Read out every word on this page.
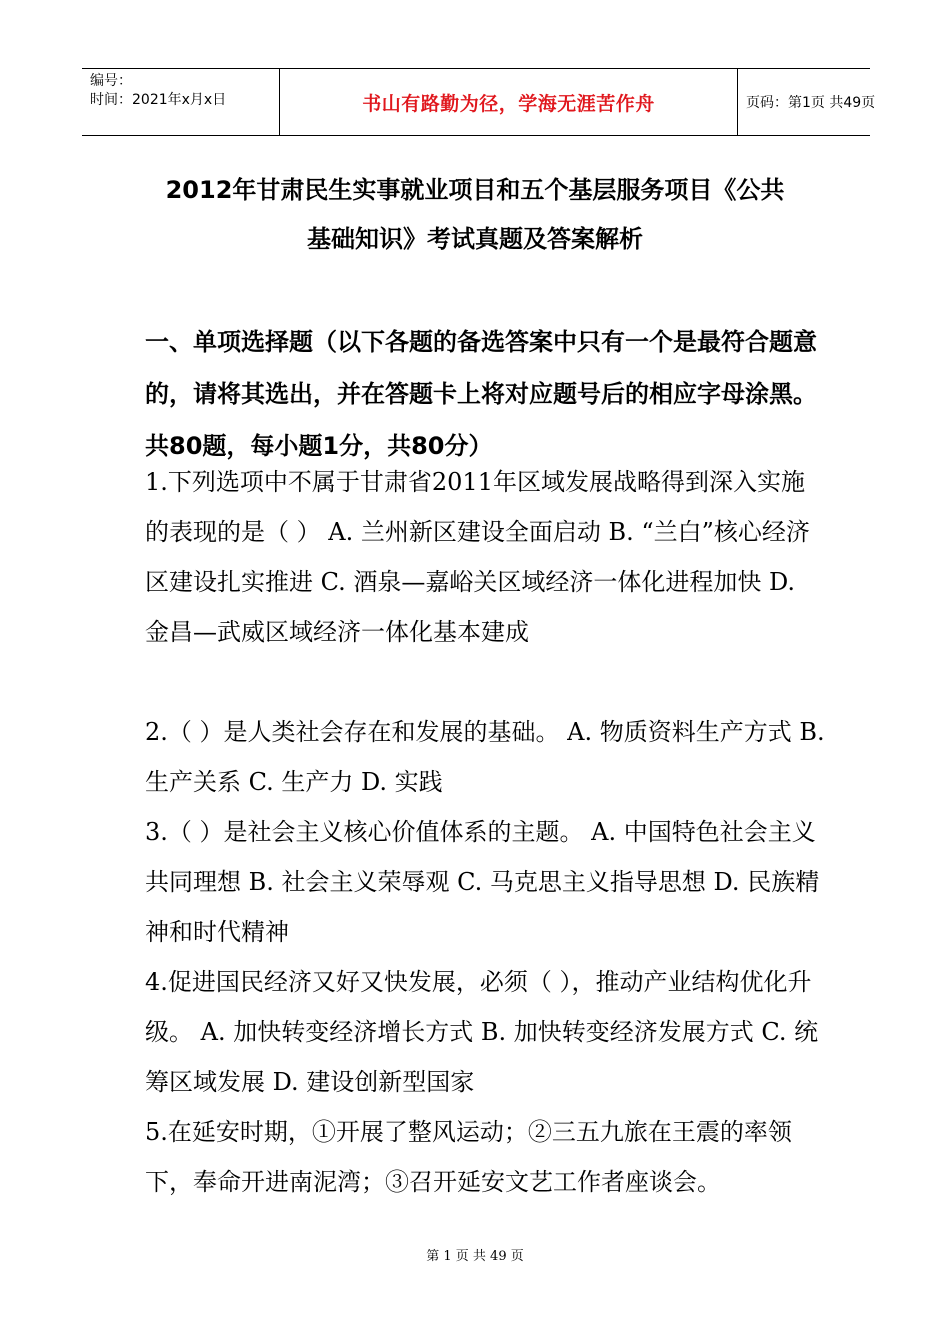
编号：
时间：2021年x月x日	书山有路勤为径，学海无涯苦作舟	页码：第1页 共49页
2012年甘肃民生实事就业项目和五个基层服务项目《公共
基础知识》考试真题及答案解析
一、单项选择题（以下各题的备选答案中只有一个是最符合题意的，请将其选出，并在答题卡上将对应题号后的相应字母涂黑。共80题，每小题1分，共80分）
1.下列选项中不属于甘肃省2011年区域发展战略得到深入实施的表现的是（ ） A. 兰州新区建设全面启动 B. “兰白”核心经济区建设扎实推进 C. 酒泉—嘉峪关区域经济一体化进程加快 D. 金昌—武威区域经济一体化基本建成
2.（ ）是人类社会存在和发展的基础。 A. 物质资料生产方式 B. 生产关系 C. 生产力 D. 实践
3.（ ）是社会主义核心价值体系的主题。 A. 中国特色社会主义共同理想 B. 社会主义荣辱观 C. 马克思主义指导思想 D. 民族精神和时代精神
4.促进国民经济又好又快发展，必须（ ），推动产业结构优化升级。 A. 加快转变经济增长方式 B. 加快转变经济发展方式 C. 统筹区域发展 D. 建设创新型国家
5.在延安时期，①开展了整风运动；②三五九旅在王震的率领下，奉命开进南泥湾；③召开延安文艺工作者座谈会。
第 1 页 共 49 页
